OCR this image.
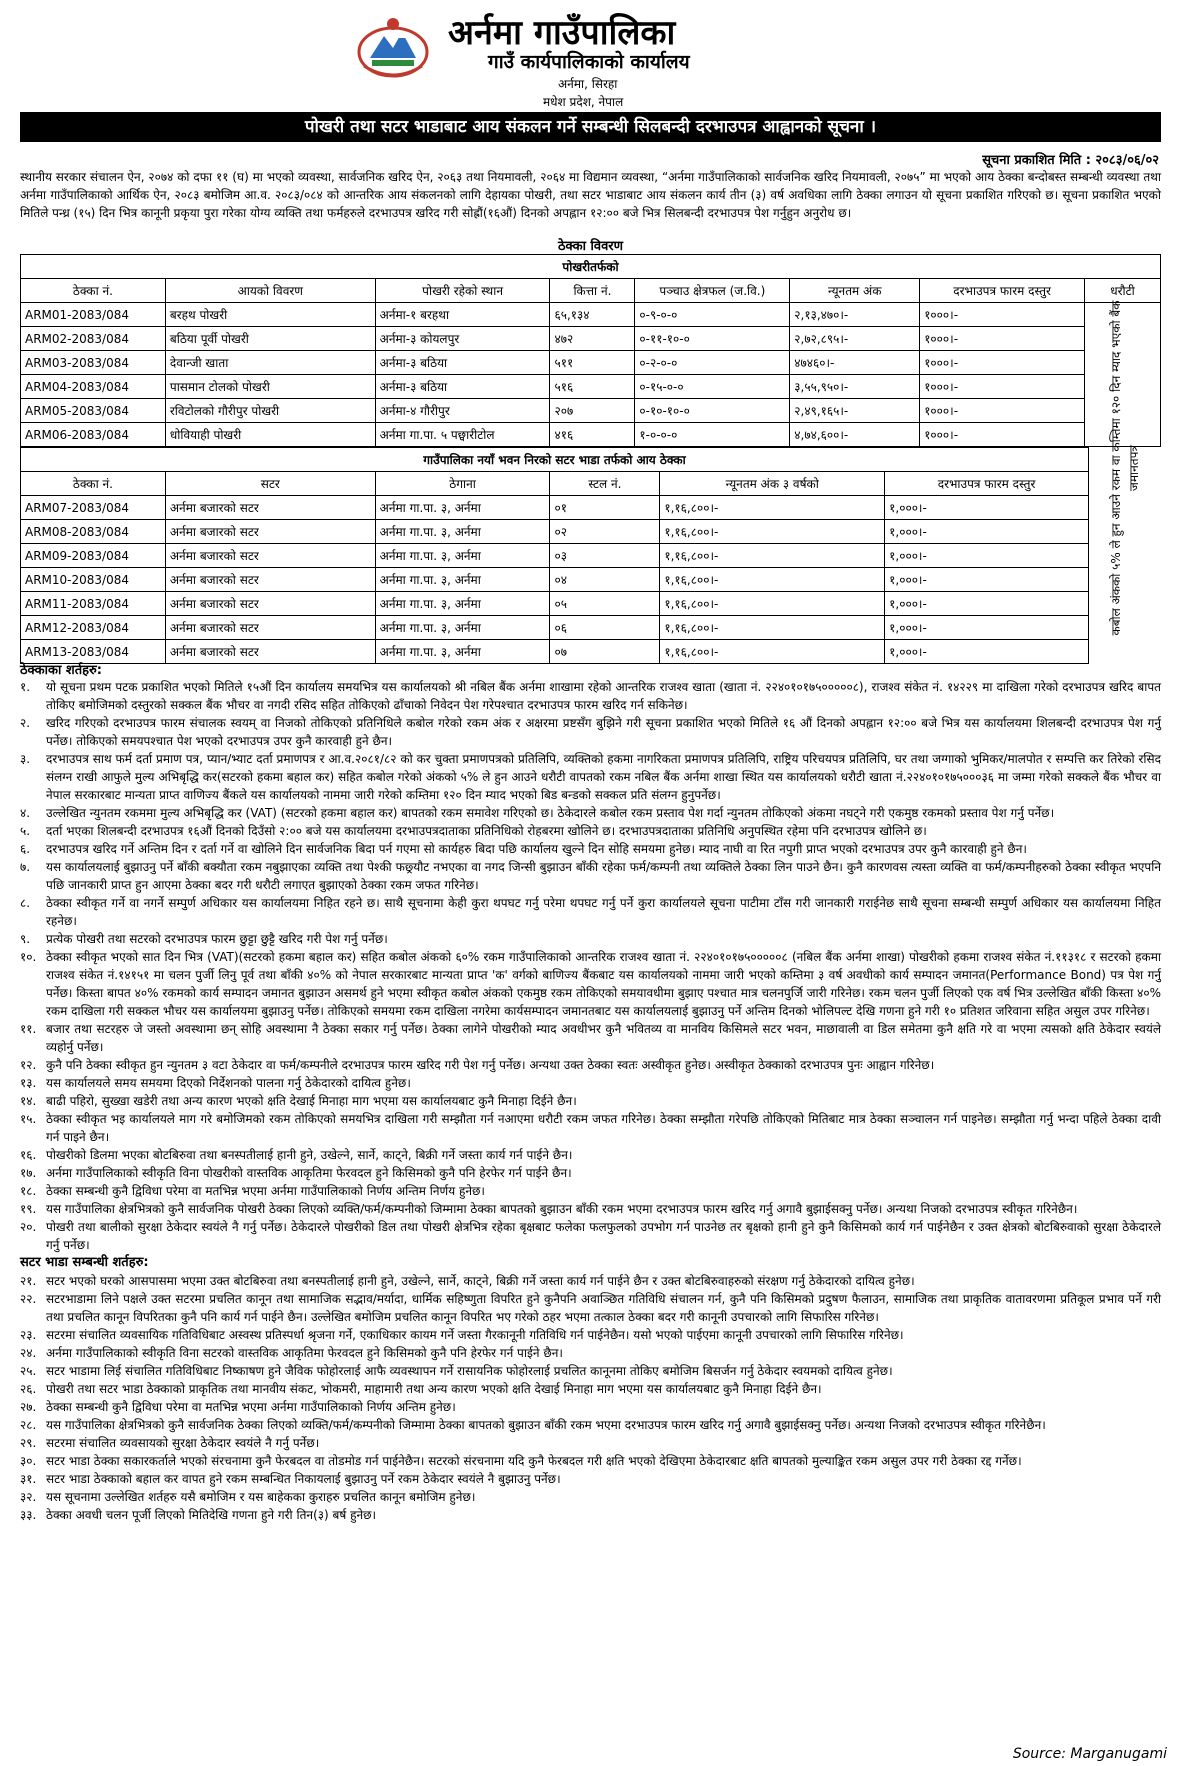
अर्नमा गाउँपालिका
गाउँ कार्यपालिकाको कार्यालय
अर्नमा, सिरहा
मधेश प्रदेश, नेपाल
पोखरी तथा सटर भाडाबाट आय संकलन गर्ने सम्बन्धी सिलबन्दी दरभाउपत्र आह्वानको सूचना ।
सूचना प्रकाशित मिति : २०८३/०६/०२
स्थानीय सरकार संचालन ऐन, २०७४ को दफा ११ (घ) मा भएको व्यवस्था, सार्वजनिक खरिद ऐन, २०६३ तथा नियमावली, २०६४ मा विद्यमान व्यवस्था, “अर्नमा गाउँपालिकाको सार्वजनिक खरिद नियमावली, २०७५” मा भएको आय ठेक्का बन्दोबस्त सम्बन्धी व्यवस्था तथा अर्नमा गाउँपालिकाको आर्थिक ऐन, २०८३ बमोजिम आ.व. २०८३/०८४ को आन्तरिक आय संकलनको लागि देहायका पोखरी, तथा सटर भाडाबाट आय संकलन कार्य तीन (३) वर्ष अवधिका लागि ठेक्का लगाउन यो सूचना प्रकाशित गरिएको छ। सूचना प्रकाशित भएको मितिले पन्ध्र (१५) दिन भित्र कानूनी प्रकृया पुरा गरेका योग्य व्यक्ति तथा फर्महरुले दरभाउपत्र खरिद गरी सोह्रौं(१६औं) दिनको अपह्लान १२:०० बजे भित्र सिलबन्दी दरभाउपत्र पेश गर्नुहुन अनुरोध छ।
ठेक्का विवरण
पोखरीतर्फको							
ठेक्का नं.	आयको विवरण	पोखरी रहेको स्थान	कित्ता नं.	पञ्चाउ क्षेत्रफल (ज.वि.)	न्यूनतम अंक	दरभाउपत्र फारम दस्तुर	धरौटी
ARM01-2083/084	बरहथ पोखरी	अर्नमा-१ बरहथा	६५,१३४	०-९-०-०	२,१३,४७०।-	१०००।-	
ARM02-2083/084	बठिया पूर्वी पोखरी	अर्नमा-३ कोयलपुर	४७२	०-११-१०-०	२,७२,८९५।-	१०००।-	
ARM03-2083/084	देवान्जी खाता	अर्नमा-३ बठिया	५११	०-२-०-०	४७४६०।-	१०००।-	
ARM04-2083/084	पासमान टोलको पोखरी	अर्नमा-३ बठिया	५१६	०-१५-०-०	३,५५,९५०।-	१०००।-	
ARM05-2083/084	रविटोलको गौरीपुर पोखरी	अर्नमा-४ गौरीपुर	२०७	०-१०-१०-०	२,४९,१६५।-	१०००।-	
ARM06-2083/084	धोवियाही पोखरी	अर्नमा गा.पा. ५ पछ्वारीटोल	४१६	१-०-०-०	४,७४,६००।-	१०००।-		कबोल अंकको ५% ले हुन आउने रकम वा कम्तिमा १२० दिन म्याद भएको बैंक जमानतपत्र
गाउँपालिका नयाँ भवन निरको सटर भाडा तर्फको आय ठेक्का					
ठेक्का नं.	सटर	ठेगाना	स्टल नं.	न्यूनतम अंक ३ वर्षको	दरभाउपत्र फारम दस्तुर
ARM07-2083/084	अर्नमा बजारको सटर	अर्नमा गा.पा. ३, अर्नमा	०१	१,१६,८००।-	१,०००।-
ARM08-2083/084	अर्नमा बजारको सटर	अर्नमा गा.पा. ३, अर्नमा	०२	१,१६,८००।-	१,०००।-
ARM09-2083/084	अर्नमा बजारको सटर	अर्नमा गा.पा. ३, अर्नमा	०३	१,१६,८००।-	१,०००।-
ARM10-2083/084	अर्नमा बजारको सटर	अर्नमा गा.पा. ३, अर्नमा	०४	१,१६,८००।-	१,०००।-
ARM11-2083/084	अर्नमा बजारको सटर	अर्नमा गा.पा. ३, अर्नमा	०५	१,१६,८००।-	१,०००।-
ARM12-2083/084	अर्नमा बजारको सटर	अर्नमा गा.पा. ३, अर्नमा	०६	१,१६,८००।-	१,०००।-
ARM13-2083/084	अर्नमा बजारको सटर	अर्नमा गा.पा. ३, अर्नमा	०७	१,१६,८००।-	१,०००।-
ठेक्काका शर्तहरु:
१.	यो सूचना प्रथम पटक प्रकाशित भएको मितिले १५औं दिन कार्यालय समयभित्र यस कार्यालयको श्री नबिल बैंक अर्नमा शाखामा रहेको आन्तरिक राजश्व खाता (खाता नं. २२४०१०१७५०००००८), राजश्व संकेत नं. १४२२९ मा दाखिला गरेको दरभाउपत्र खरिद बापत तोकिए बमोजिमको दस्तुरको सक्कल बैंक भौचर वा नगदी रसिद सहित तोकिएको ढाँचाको निवेदन पेश गरेपश्चात दरभाउपत्र फारम खरिद गर्न सकिनेछ।
२.	खरिद गरिएको दरभाउपत्र फारम संचालक स्वयम् वा निजको तोकिएको प्रतिनिधिले कबोल गरेको रकम अंक र अक्षरमा प्रष्टसँग बुझिने गरी सूचना प्रकाशित भएको मितिले १६ औं दिनको अपह्लान १२:०० बजे भित्र यस कार्यालयमा शिलबन्दी दरभाउपत्र पेश गर्नु पर्नेछ। तोकिएको समयपश्चात पेश भएको दरभाउपत्र उपर कुनै कारवाही हुने छैन।
३.	दरभाउपत्र साथ फर्म दर्ता प्रमाण पत्र, प्यान/भ्याट दर्ता प्रमाणपत्र र आ.व.२०८१/८२ को कर चुक्ता प्रमाणपत्रको प्रतिलिपि, व्यक्तिको हकमा नागरिकता प्रमाणपत्र प्रतिलिपि, राष्ट्रिय परिचयपत्र प्रतिलिपि, घर तथा जग्गाको भुमिकर/मालपोत र सम्पत्ति कर तिरेको रसिद संलग्न राखी आफुले मुल्य अभिबृद्धि कर(सटरको हकमा बहाल कर) सहित कबोल गरेको अंकको ५% ले हुन आउने धरौटी वापतको रकम नबिल बैंक अर्नमा शाखा स्थित यस कार्यालयको धरौटी खाता नं.२२४०१०१७५०००३६ मा जम्मा गरेको सक्कले बैंक भौचर वा नेपाल सरकारबाट मान्यता प्राप्त वाणिज्य बैंकले यस कार्यालयको नाममा जारी गरेको कम्तिमा १२० दिन म्याद भएको बिड बन्डको सक्कल प्रति संलग्न हुनुपर्नेछ।
४.	उल्लेखित न्युनतम रकममा मुल्य अभिबृद्धि कर (VAT) (सटरको हकमा बहाल कर) बापतको रकम समावेश गरिएको छ। ठेकेदारले कबोल रकम प्रस्ताव पेश गर्दा न्युनतम तोकिएको अंकमा नघट्ने गरी एकमुष्ठ रकमको प्रस्ताव पेश गर्नु पर्नेछ।
५.	दर्ता भएका शिलबन्दी दरभाउपत्र १६औं दिनको दिउँसो २:०० बजे यस कार्यालयमा दरभाउपत्रदाताका प्रतिनिधिको रोहबरमा खोलिने छ। दरभाउपत्रदाताका प्रतिनिधि अनुपस्थित रहेमा पनि दरभाउपत्र खोलिने छ।
६.	दरभाउपत्र खरिद गर्ने अन्तिम दिन र दर्ता गर्ने वा खोलिने दिन सार्वजनिक बिदा पर्न गएमा सो कार्यहरु बिदा पछि कार्यालय खुल्ने दिन सोहि समयमा हुनेछ। म्याद नाघी वा रित नपुगी प्राप्त भएको दरभाउपत्र उपर कुनै कारवाही हुने छैन।
७.	यस कार्यालयलाई बुझाउनु पर्ने बाँकी बक्यौता रकम नबुझाएका व्यक्ति तथा पेश्की फछ्र्यौट नभएका वा नगद जिन्सी बुझाउन बाँकी रहेका फर्म/कम्पनी तथा व्यक्तिले ठेक्का लिन पाउने छैन। कुनै कारणवस त्यस्ता व्यक्ति वा फर्म/कम्पनीहरुको ठेक्का स्वीकृत भएपनि पछि जानकारी प्राप्त हुन आएमा ठेक्का बदर गरी धरौटी लगाएत बुझाएको ठेक्का रकम जफत गरिनेछ।
८.	ठेक्का स्वीकृत गर्ने वा नगर्ने सम्पुर्ण अधिकार यस कार्यालयमा निहित रहने छ। साथै सूचनामा केही कुरा थपघट गर्नु परेमा थपघट गर्नु पर्ने कुरा कार्यालयले सूचना पाटीमा टाँस गरी जानकारी गराईनेछ साथै सूचना सम्बन्धी सम्पुर्ण अधिकार यस कार्यालयमा निहित रहनेछ।
९.	प्रत्येक पोखरी तथा सटरको दरभाउपत्र फारम छुट्टा छुट्टै खरिद गरी पेश गर्नु पर्नेछ।
१०. ठेक्का स्वीकृत भएको सात दिन भित्र (VAT)(सटरको हकमा बहाल कर) सहित कबोल अंकको ६०% रकम गाउँपालिकाको आन्तरिक राजश्व खाता नं. २२४०१०१७५०००००८ (नबिल बैंक अर्नमा शाखा) पोखरीको हकमा राजश्व संकेत नं.११३१८ र सटरको हकमा राजश्व संकेत नं.१४१५१ मा चलन पुर्जी लिनु पूर्व तथा बाँकी ४०% को नेपाल सरकारबाट मान्यता प्राप्त 'क' वर्गको बाणिज्य बैंकबाट यस कार्यालयको नाममा जारी भएको कम्तिमा ३ वर्ष अवधीको कार्य सम्पादन जमानत(Performance Bond) पत्र पेश गर्नु पर्नेछ। किस्ता बापत ४०% रकमको कार्य सम्पादन जमानत बुझाउन असमर्थ हुने भएमा स्वीकृत कबोल अंकको एकमुष्ठ रकम तोकिएको समयावधीमा बुझाए पश्चात मात्र चलनपुर्जि जारी गरिनेछ। रकम चलन पुर्जी लिएको एक वर्ष भित्र उल्लेखित बाँकी किस्ता ४०% रकम दाखिला गरी सक्कल भौचर यस कार्यालयमा बुझाउनु पर्नेछ। तोकिएको समयमा रकम दाखिला नगरेमा कार्यसम्पादन जमानतबाट यस कार्यालयलाई बुझाउनु पर्ने अन्तिम दिनको भोलिपल्ट देखि गणना हुने गरी १० प्रतिशत जरिवाना सहित असुल उपर गरिनेछ।
११. बजार तथा सटरहरु जे जस्तो अवस्थामा छन् सोहि अवस्थामा नै ठेक्का सकार गर्नु पर्नेछ। ठेक्का लागेने पोखरीको म्याद अवधीभर कुनै भवितव्य वा मानविय किसिमले सटर भवन, माछावाली वा डिल समेतमा कुनै क्षति गरे वा भएमा त्यसको क्षति ठेकेदार स्वयंले व्यहोर्नु पर्नेछ।
१२. कुनै पनि ठेक्का स्वीकृत हुन न्युनतम ३ वटा ठेकेदार वा फर्म/कम्पनीले दरभाउपत्र फारम खरिद गरी पेश गर्नु पर्नेछ। अन्यथा उक्त ठेक्का स्वतः अस्वीकृत हुनेछ। अस्वीकृत ठेक्काको दरभाउपत्र पुनः आह्वान गरिनेछ।
१३. यस कार्यालयले समय समयमा दिएको निर्देशनको पालना गर्नु ठेकेदारको दायित्व हुनेछ।
१४. बाढी पहिरो, सुख्खा खडेरी तथा अन्य कारण भएको क्षति देखाई मिनाहा माग भएमा यस कार्यालयबाट कुनै मिनाहा दिईने छैन।
१५. ठेक्का स्वीकृत भइ कार्यालयले माग गरे बमोजिमको रकम तोकिएको समयभित्र दाखिला गरी सम्झौता गर्न नआएमा धरौटी रकम जफत गरिनेछ। ठेक्का सम्झौता गरेपछि तोकिएको मितिबाट मात्र ठेक्का सञ्चालन गर्न पाइनेछ। सम्झौता गर्नु भन्दा पहिले ठेक्का दावी गर्न पाइने छैन।
१६. पोखरीको डिलमा भएका बोटबिरुवा तथा बनस्पतीलाई हानी हुने, उखेल्ने, सार्ने, काट्ने, बिक्री गर्ने जस्ता कार्य गर्न पाईने छैन।
१७. अर्नमा गाउँपालिकाको स्वीकृति विना पोखरीको वास्तविक आकृतिमा फेरवदल हुने किसिमको कुनै पनि हेरफेर गर्न पाईने छैन।
१८. ठेक्का सम्बन्धी कुनै द्विविधा परेमा वा मतभिन्न भएमा अर्नमा गाउँपालिकाको निर्णय अन्तिम निर्णय हुनेछ।
१९. यस गाउँपालिका क्षेत्रभित्रको कुनै सार्वजनिक पोखरी ठेक्का लिएको व्यक्ति/फर्म/कम्पनीको जिम्मामा ठेक्का बापतको बुझाउन बाँकी रकम भएमा दरभाउपत्र फारम खरिद गर्नु अगावै बुझाईसक्नु पर्नेछ। अन्यथा निजको दरभाउपत्र स्वीकृत गरिनेछैन।
२०. पोखरी तथा बालीको सुरक्षा ठेकेदार स्वयंले नै गर्नु पर्नेछ। ठेकेदारले पोखरीको डिल तथा पोखरी क्षेत्रभित्र रहेका बृक्षबाट फलेका फलफुलको उपभोग गर्न पाउनेछ तर बृक्षको हानी हुने कुनै किसिमको कार्य गर्न पाईनेछैन र उक्त क्षेत्रको बोटबिरुवाको सुरक्षा ठेकेदारले गर्नु पर्नेछ।
सटर भाडा सम्बन्धी शर्तहरु:
२१. सटर भएको घरको आसपासमा भएमा उक्त बोटबिरुवा तथा बनस्पतीलाई हानी हुने, उखेल्ने, सार्ने, काट्ने, बिक्री गर्ने जस्ता कार्य गर्न पाईने छैन र उक्त बोटबिरुवाहरुको संरक्षण गर्नु ठेकेदारको दायित्व हुनेछ।
२२. सटरभाडामा लिने पक्षले उक्त सटरमा प्रचलित कानून तथा सामाजिक सद्भाव/मर्यादा, धार्मिक सहिष्णुता विपरित हुने कुनैपनि अवाञ्छित गतिविधि संचालन गर्न, कुनै पनि किसिमको प्रदुषण फैलाउन, सामाजिक तथा प्राकृतिक वातावरणमा प्रतिकूल प्रभाव पर्ने गरी तथा प्रचलित कानून विपरितका कुनै पनि कार्य गर्न पाईने छैन। उल्लेखित बमोजिम प्रचलित कानून विपरित भए गरेको ठहर भएमा तत्काल ठेक्का बदर गरी कानूनी उपचारको लागि सिफारिस गरिनेछ।
२३. सटरमा संचालित व्यवसायिक गतिविधिबाट अस्वस्थ प्रतिस्पर्धा श्रृजना गर्ने, एकाधिकार कायम गर्ने जस्ता गैरकानूनी गतिविधि गर्न पाईनेछैन। यसो भएको पाईएमा कानूनी उपचारको लागि सिफारिस गरिनेछ।
२४. अर्नमा गाउँपालिकाको स्वीकृति विना सटरको वास्तविक आकृतिमा फेरवदल हुने किसिमको कुनै पनि हेरफेर गर्न पाईने छैन।
२५. सटर भाडामा लिई संचालित गतिविधिबाट निष्काषण हुने जैविक फोहोरलाई आफै व्यवस्थापन गर्ने रासायनिक फोहोरलाई प्रचलित कानूनमा तोकिए बमोजिम बिसर्जन गर्नु ठेकेदार स्वयमको दायित्व हुनेछ।
२६. पोखरी तथा सटर भाडा ठेक्काको प्राकृतिक तथा मानवीय संकट, भोकमरी, माहामारी तथा अन्य कारण भएको क्षति देखाई मिनाहा माग भएमा यस कार्यालयबाट कुनै मिनाहा दिईने छैन।
२७. ठेक्का सम्बन्धी कुनै द्विविधा परेमा वा मतभिन्न भएमा अर्नमा गाउँपालिकाको निर्णय अन्तिम हुनेछ।
२८. यस गाउँपालिका क्षेत्रभित्रको कुनै सार्वजनिक ठेक्का लिएको व्यक्ति/फर्म/कम्पनीको जिम्मामा ठेक्का बापतको बुझाउन बाँकी रकम भएमा दरभाउपत्र फारम खरिद गर्नु अगावै बुझाईसक्नु पर्नेछ। अन्यथा निजको दरभाउपत्र स्वीकृत गरिनेछैन।
२९. सटरमा संचालित व्यवसायको सुरक्षा ठेकेदार स्वयंले नै गर्नु पर्नेछ।
३०. सटर भाडा ठेक्का सकारकर्ताले भएको संरचनामा कुनै फेरबदल वा तोडमोड गर्न पाईनेछैन। सटरको संरचनामा यदि कुनै फेरबदल गरी क्षति भएको देखिएमा ठेकेदारबाट क्षति बापतको मुल्याङ्कित रकम असुल उपर गरी ठेक्का रद्द गर्नेछ।
३१. सटर भाडा ठेक्काको बहाल कर वापत हुने रकम सम्बन्धित निकायलाई बुझाउनु पर्ने रकम ठेकेदार स्वयंले नै बुझाउनु पर्नेछ।
३२. यस सूचनामा उल्लेखित शर्तहरु यसै बमोजिम र यस बाहेकका कुराहरु प्रचलित कानून बमोजिम हुनेछ।
३३. ठेक्का अवधी चलन पूर्जी लिएको मितिदेखि गणना हुने गरी तिन(३) बर्ष हुनेछ।
Source: Marganugami
